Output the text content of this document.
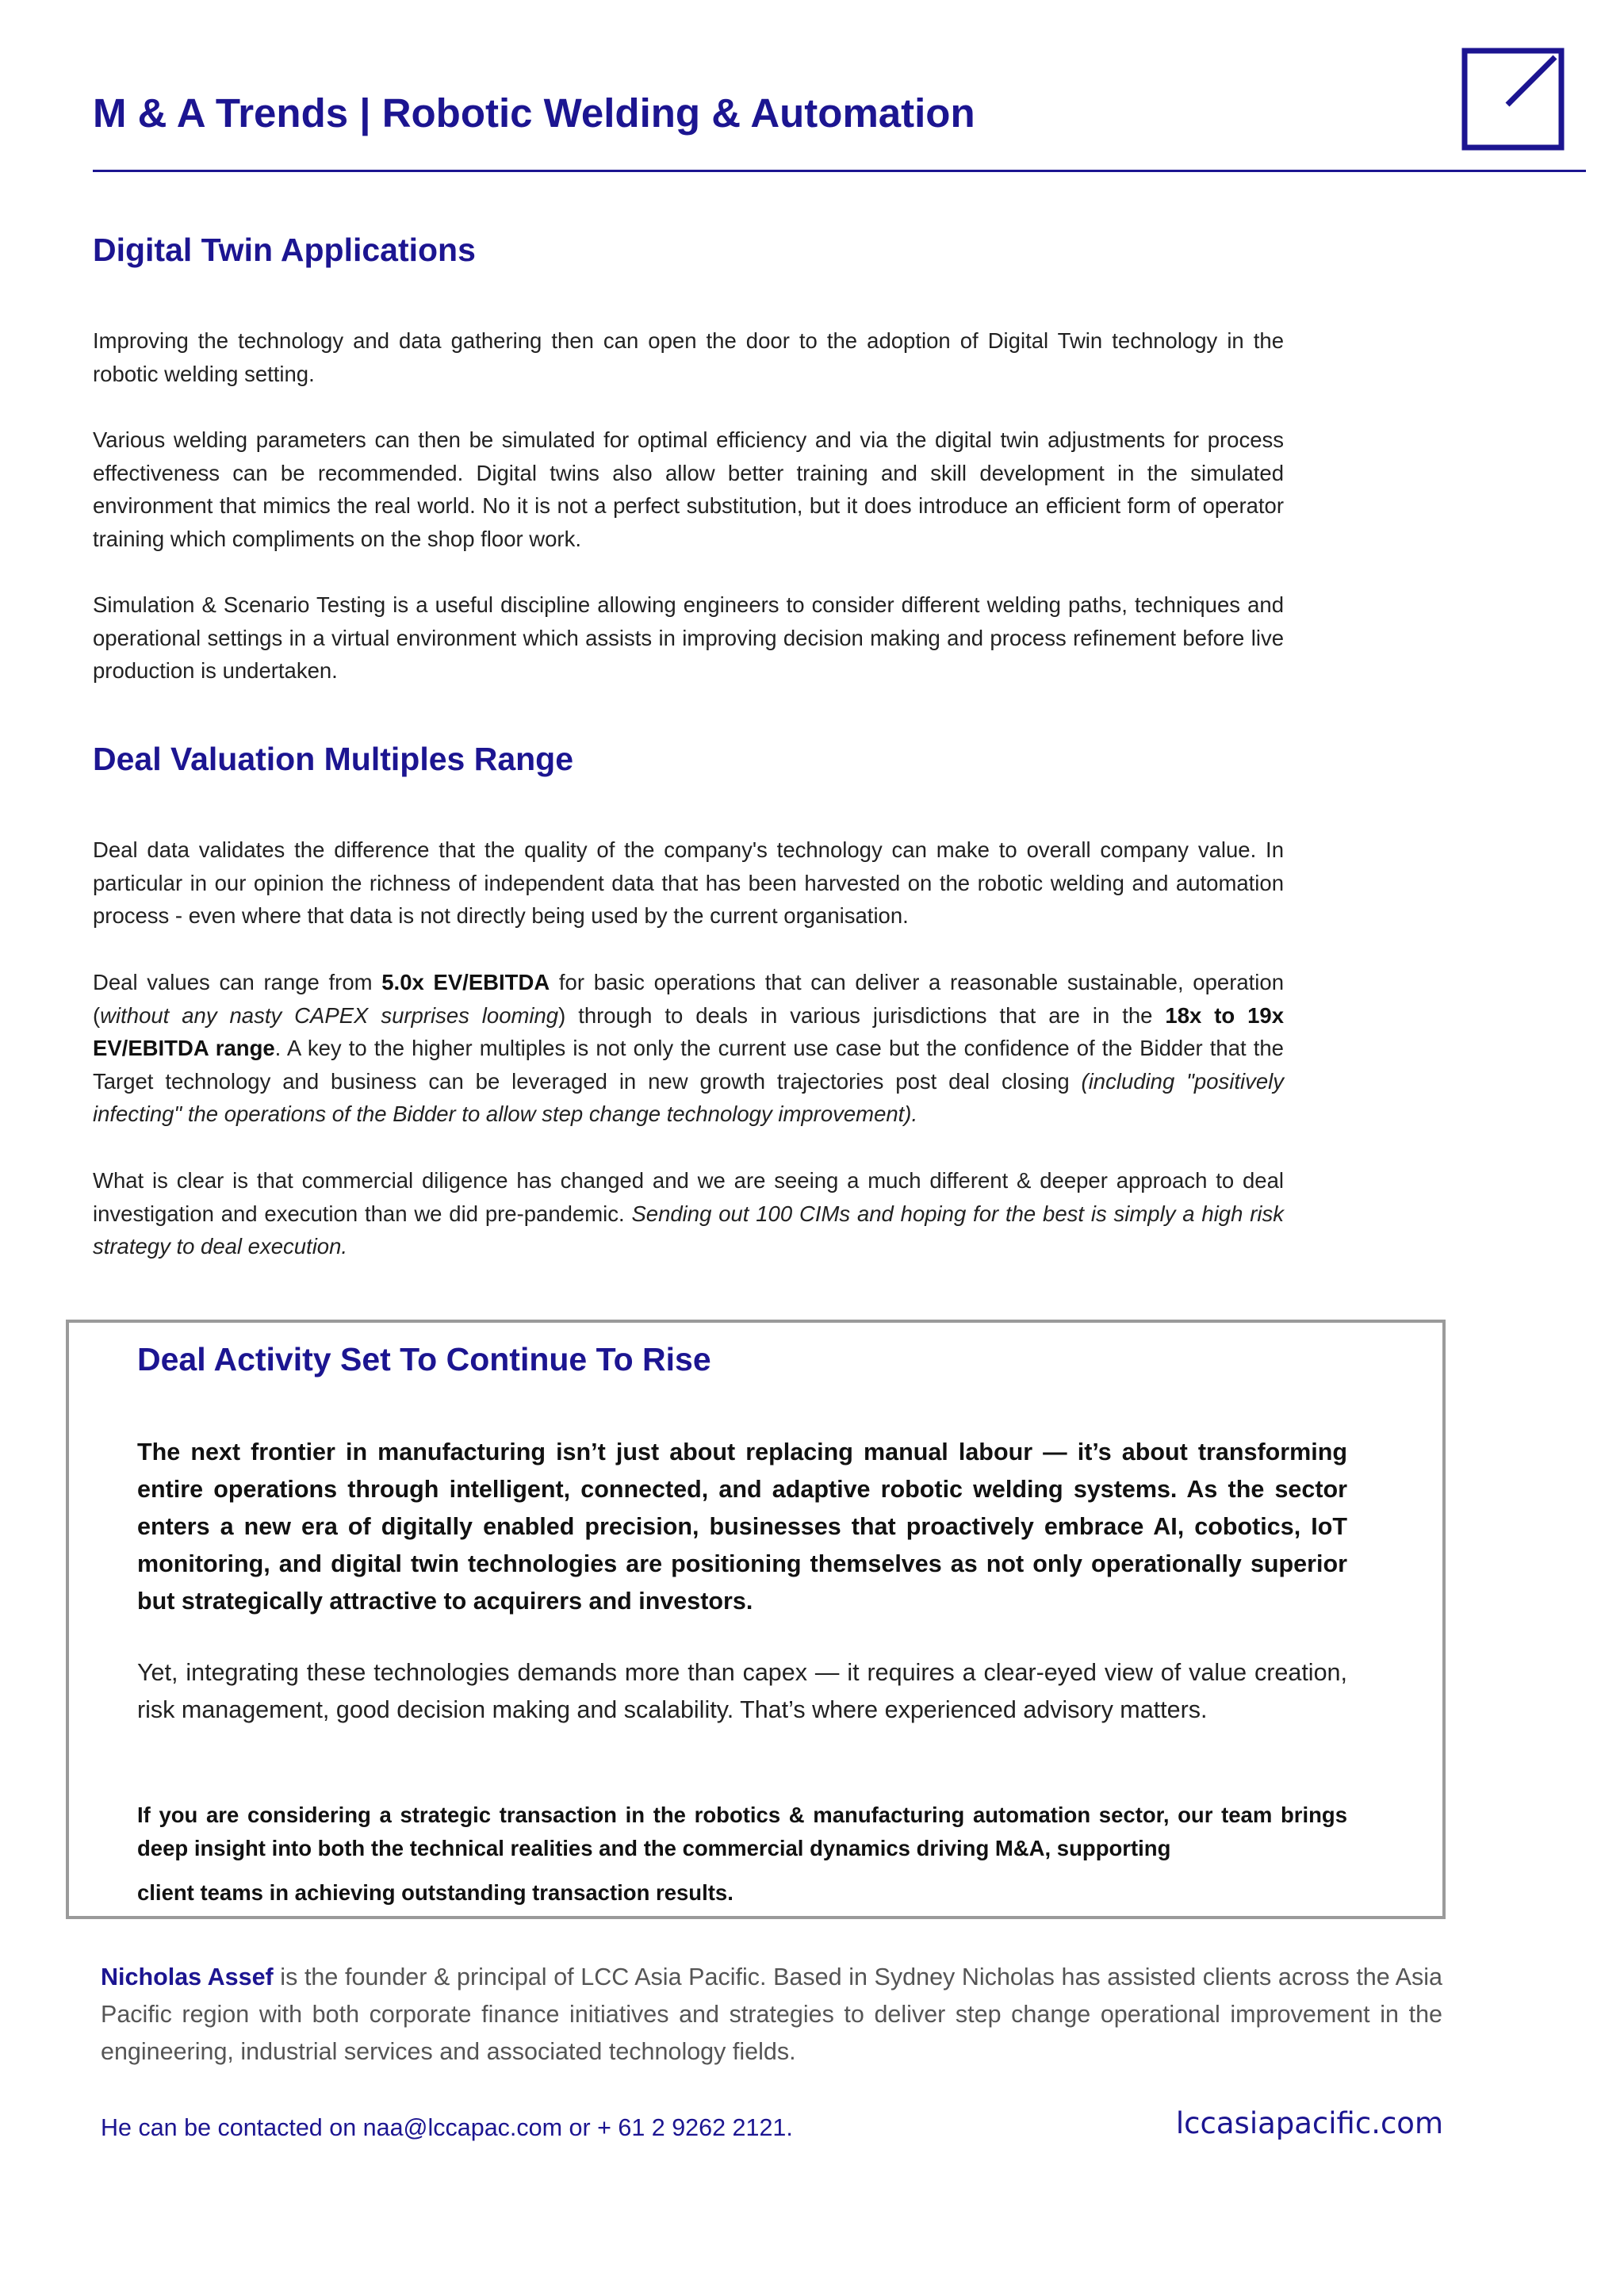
M & A Trends | Robotic Welding & Automation
Digital Twin Applications

Improving the technology and data gathering then can open the door to the adoption of Digital Twin technology in the robotic welding setting.

Various welding parameters can then be simulated for optimal efficiency and via the digital twin adjustments for process effectiveness can be recommended. Digital twins also allow better training and skill development in the simulated environment that mimics the real world. No it is not a perfect substitution, but it does introduce an efficient form of operator training which compliments on the shop floor work.

Simulation & Scenario Testing is a useful discipline allowing engineers to consider different welding paths, techniques and operational settings in a virtual environment which assists in improving decision making and process refinement before live production is undertaken.

Deal Valuation Multiples Range

Deal data validates the difference that the quality of the company's technology can make to overall company value. In particular in our opinion the richness of independent data that has been harvested on the robotic welding and automation process - even where that data is not directly being used by the current organisation.

Deal values can range from 5.0x EV/EBITDA for basic operations that can deliver a reasonable sustainable, operation (without any nasty CAPEX surprises looming) through to deals in various jurisdictions that are in the 18x to 19x EV/EBITDA range. A key to the higher multiples is not only the current use case but the confidence of the Bidder that the Target technology and business can be leveraged in new growth trajectories post deal closing (including "positively infecting" the operations of the Bidder to allow step change technology improvement).

What is clear is that commercial diligence has changed and we are seeing a much different & deeper approach to deal investigation and execution than we did pre-pandemic. Sending out 100 CIMs and hoping for the best is simply a high risk strategy to deal execution.

Deal Activity Set To Continue To Rise

The next frontier in manufacturing isn’t just about replacing manual labour — it’s about transforming entire operations through intelligent, connected, and adaptive robotic welding systems. As the sector enters a new era of digitally enabled precision, businesses that proactively embrace AI, cobotics, IoT monitoring, and digital twin technologies are positioning themselves as not only operationally superior but strategically attractive to acquirers and investors.

Yet, integrating these technologies demands more than capex — it requires a clear-eyed view of value creation, risk management, good decision making and scalability. That’s where experienced advisory matters.

If you are considering a strategic transaction in the robotics & manufacturing automation sector, our team brings deep insight into both the technical realities and the commercial dynamics driving M&A, supporting
client teams in achieving outstanding transaction results.

Nicholas Assef is the founder & principal of LCC Asia Pacific. Based in Sydney Nicholas has assisted clients across the Asia Pacific region with both corporate finance initiatives and strategies to deliver step change operational improvement in the engineering, industrial services and associated technology fields.

He can be contacted on naa@lccapac.com or + 61 2 9262 2121.	lccasiapacific.com
